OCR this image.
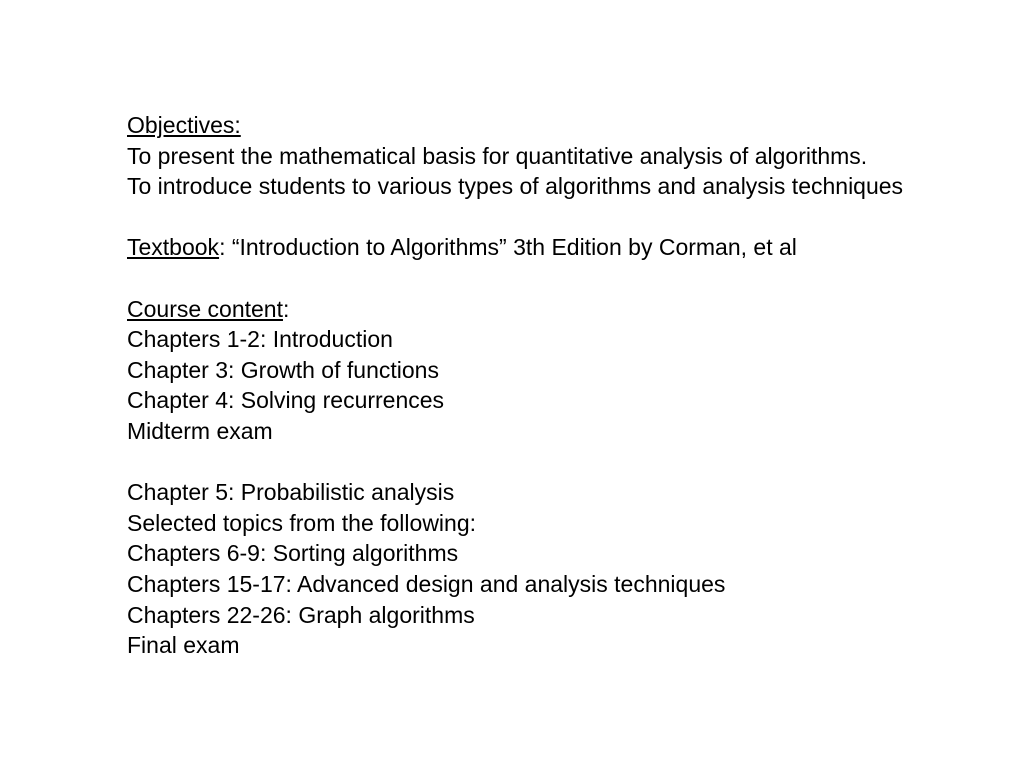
Objectives:
To present the mathematical basis for quantitative analysis of algorithms.
To introduce students to various types of algorithms and analysis techniques
Textbook: “Introduction to Algorithms” 3th Edition by Corman, et al
Course content:
Chapters 1-2: Introduction
Chapter 3: Growth of functions
Chapter 4: Solving recurrences
Midterm exam
Chapter 5: Probabilistic analysis
Selected topics from the following:
Chapters 6-9: Sorting algorithms
Chapters 15-17: Advanced design and analysis techniques
Chapters 22-26: Graph algorithms
Final exam
